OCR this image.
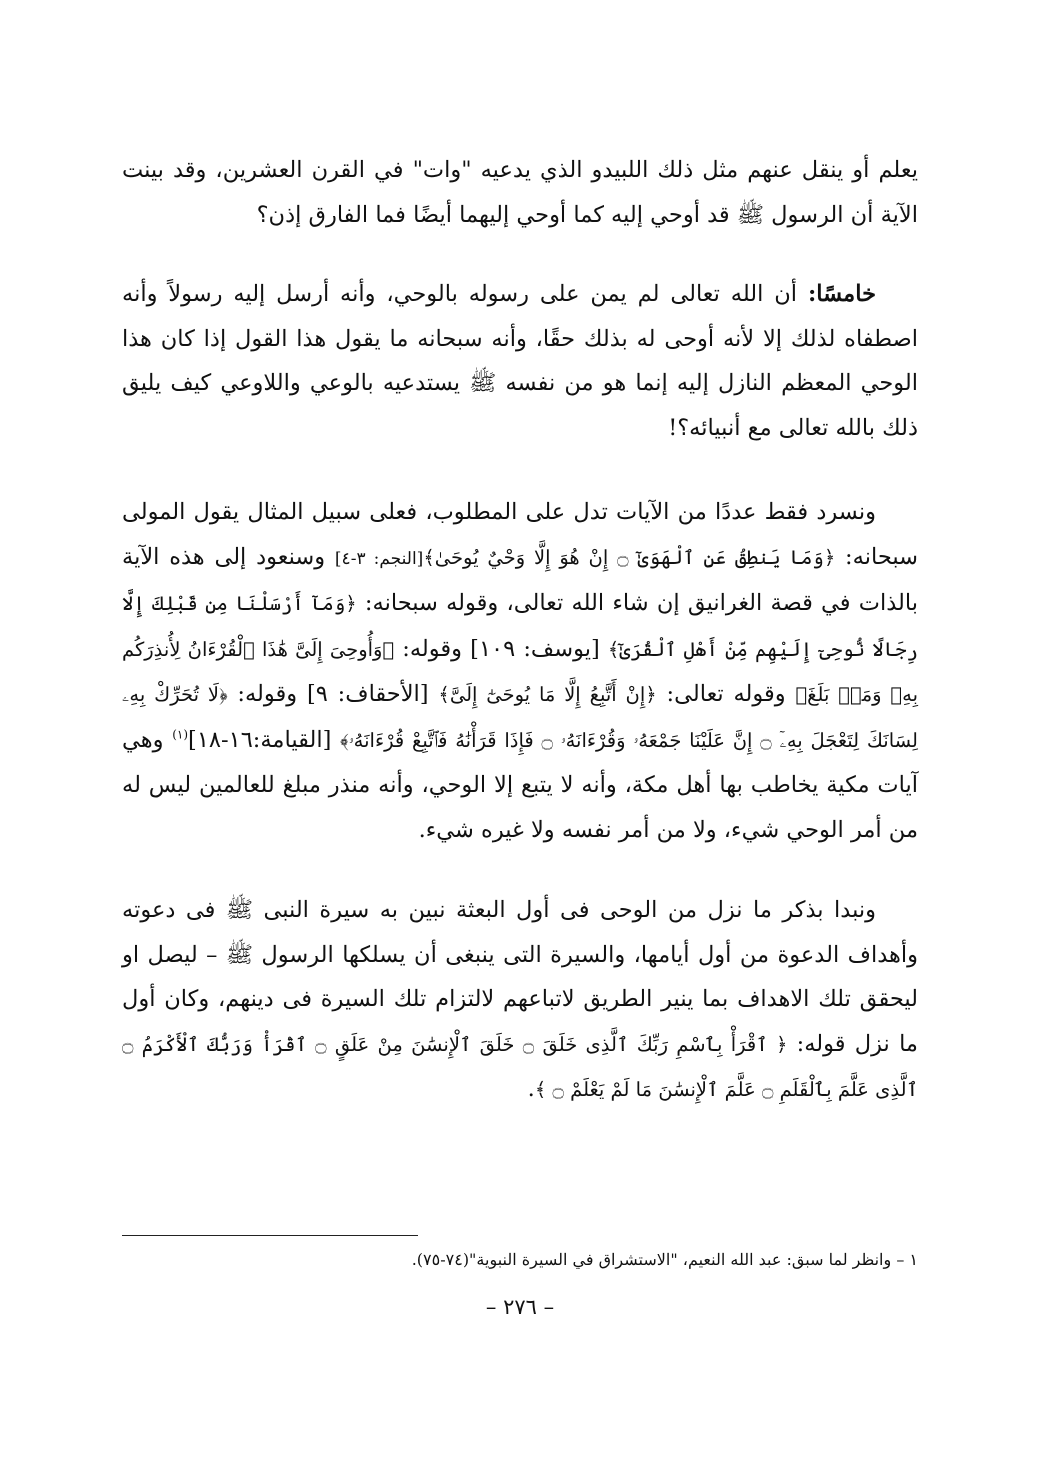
يعلم أو ينقل عنهم مثل ذلك اللبيدو الذي يدعيه "وات" في القرن العشرين، وقد بينت الآية أن الرسول ﷺ قد أوحي إليه كما أوحي إليهما أيضًا فما الفارق إذن؟

خامسًا: أن الله تعالى لم يمن على رسوله بالوحي، وأنه أرسل إليه رسولاً وأنه اصطفاه لذلك إلا لأنه أوحى له بذلك حقًا، وأنه سبحانه ما يقول هذا القول إذا كان هذا الوحي المعظم النازل إليه إنما هو من نفسه ﷺ يستدعيه بالوعي واللاوعي كيف يليق ذلك بالله تعالى مع أنبيائه؟!

ونسرد فقط عددًا من الآيات تدل على المطلوب، فعلى سبيل المثال يقول المولى سبحانه: ﴿وَمَا يَنطِقُ عَنِ ٱلْهَوَىٰٓ ۝ إِنْ هُوَ إِلَّا وَحْيٌ يُوحَىٰ﴾[النجم: ٣-٤] وسنعود إلى هذه الآية بالذات في قصة الغرانيق إن شاء الله تعالى، وقوله سبحانه: ﴿وَمَآ أَرْسَلْنَا مِن قَبْلِكَ إِلَّا رِجَالًا نُّوحِىٓ إِلَيْهِم مِّنْ أَهْلِ ٱلْقُرَىٰٓ﴾ [يوسف: ١٠٩] وقوله: ﴿وَأُوحِىَ إِلَىَّ هَٰذَا ٱلْقُرْءَانُ لِأُنذِرَكُم بِهِۦ وَمَنۢ بَلَغَ﴾ وقوله تعالى: ﴿إِنْ أَتَّبِعُ إِلَّا مَا يُوحَىٰٓ إِلَىَّ﴾ [الأحقاف: ٩] وقوله: ﴿لَا تُحَرِّكْ بِهِۦ لِسَانَكَ لِتَعْجَلَ بِهِۦٓ ۝ إِنَّ عَلَيْنَا جَمْعَهُۥ وَقُرْءَانَهُۥ ۝ فَإِذَا قَرَأْنَٰهُ فَٱتَّبِعْ قُرْءَانَهُۥ﴾ [القيامة:١٦-١٨]$^{(١)}$ وهي آيات مكية يخاطب بها أهل مكة، وأنه لا يتبع إلا الوحي، وأنه منذر مبلغ للعالمين ليس له من أمر الوحي شيء، ولا من أمر نفسه ولا غيره شيء.

ونبدا بذكر ما نزل من الوحى فى أول البعثة نبين به سيرة النبى ﷺ فى دعوته وأهداف الدعوة من أول أيامها، والسيرة التى ينبغى أن يسلكها الرسول ﷺ – ليصل او ليحقق تلك الاهداف بما ينير الطريق لاتباعهم لالتزام تلك السيرة فى دينهم، وكان أول ما نزل قوله: ﴿ ٱقْرَأْ بِٱسْمِ رَبِّكَ ٱلَّذِى خَلَقَ ۝ خَلَقَ ٱلْإِنسَٰنَ مِنْ عَلَقٍ ۝ ٱقْرَأْ وَرَبُّكَ ٱلْأَكْرَمُ ۝ ٱلَّذِى عَلَّمَ بِٱلْقَلَمِ ۝ عَلَّمَ ٱلْإِنسَٰنَ مَا لَمْ يَعْلَمْ ۝ ﴾.

١ – وانظر لما سبق: عبد الله النعيم، "الاستشراق في السيرة النبوية"(٧٤-٧٥).
– ٢٧٦ –
